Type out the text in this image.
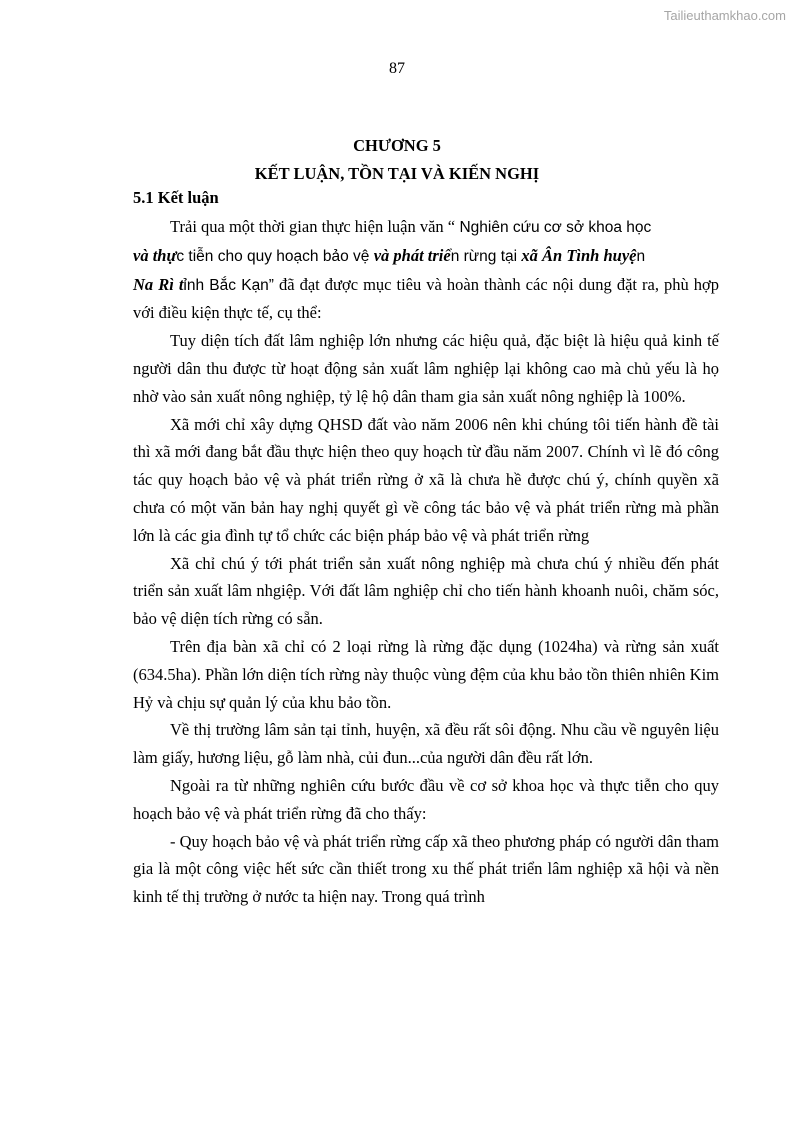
Tailieuthamkhao.com
87
CHƯƠNG 5
KẾT LUẬN, TỒN TẠI VÀ KIẾN NGHỊ
5.1 Kết luận

Trải qua một thời gian thực hiện luận văn “ Nghiên cứu cơ sở khoa học
và thực tiễn cho quy hoạch bảo vệ và phát triển rừng tại xã Ân Tình huyện
Na Rì tỉnh Bắc Kạn” đã đạt được mục tiêu và hoàn thành các nội dung đặt ra, phù hợp với điều kiện thực tế, cụ thể:

Tuy diện tích đất lâm nghiệp lớn nhưng các hiệu quả, đặc biệt là hiệu quả kinh tế người dân thu được từ hoạt động sản xuất lâm nghiệp lại không cao mà chủ yếu là họ nhờ vào sản xuất nông nghiệp, tỷ lệ hộ dân tham gia sản xuất nông nghiệp là 100%.

Xã mới chỉ xây dựng QHSD đất vào năm 2006 nên khi chúng tôi tiến hành đề tài thì xã mới đang bắt đầu thực hiện theo quy hoạch từ đầu năm 2007. Chính vì lẽ đó công tác quy hoạch bảo vệ và phát triển rừng ở xã là chưa hề được chú ý, chính quyền xã chưa có một văn bản hay nghị quyết gì về công tác bảo vệ và phát triển rừng mà phần lớn là các gia đình tự tổ chức các biện pháp bảo vệ và phát triển rừng

Xã chỉ chú ý tới phát triển sản xuất nông nghiệp mà chưa chú ý nhiều đến phát triển sản xuất lâm nhgiệp. Với đất lâm nghiệp chỉ cho tiến hành khoanh nuôi, chăm sóc, bảo vệ diện tích rừng có sẵn.

Trên địa bàn xã chỉ có 2 loại rừng là rừng đặc dụng (1024ha) và rừng sản xuất (634.5ha). Phần lớn diện tích rừng này thuộc vùng đệm của khu bảo tồn thiên nhiên Kim Hỷ và chịu sự quản lý của khu bảo tồn.

Về thị trường lâm sản tại tỉnh, huyện, xã đều rất sôi động. Nhu cầu về nguyên liệu làm giấy, hương liệu, gỗ làm nhà, củi đun...của người dân đều rất lớn.

Ngoài ra từ những nghiên cứu bước đầu về cơ sở khoa học và thực tiễn cho quy hoạch bảo vệ và phát triển rừng đã cho thấy:

- Quy hoạch bảo vệ và phát triển rừng cấp xã theo phương pháp có người dân tham gia là một công việc hết sức cần thiết trong xu thế phát triển lâm nghiệp xã hội và nền kinh tế thị trường ở nước ta hiện nay. Trong quá trình
